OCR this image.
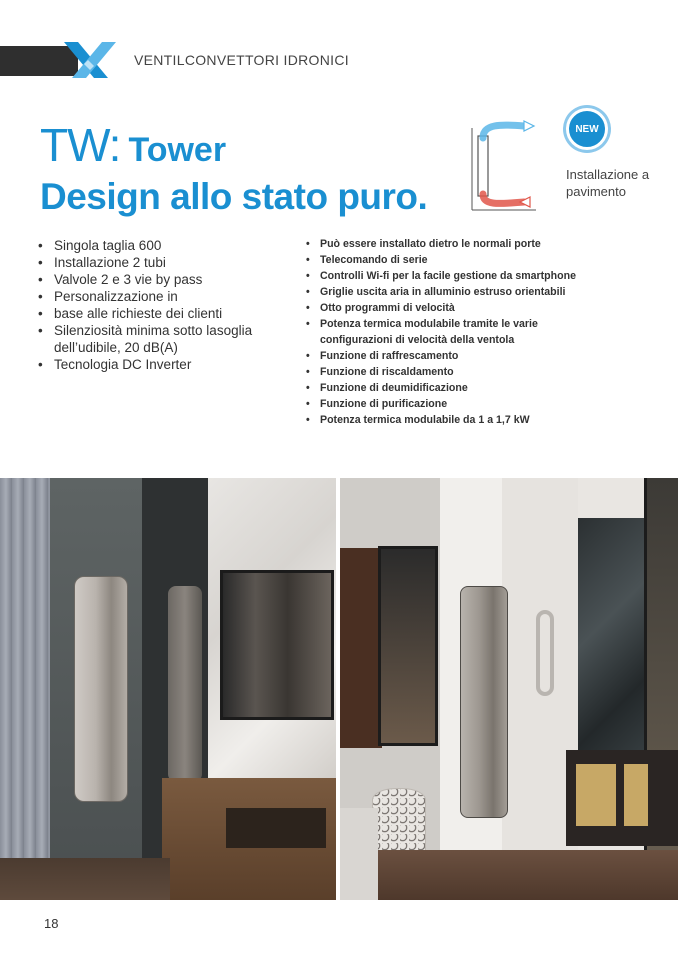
VENTILCONVETTORI IDRONICI
TW: Tower
Design allo stato puro.
NEW
Installazione a pavimento
• Singola taglia 600
• Installazione 2 tubi
• Valvole 2 e 3 vie by pass
• Personalizzazione in
• base alle richieste dei clienti
• Silenziosità minima sotto lasoglia dell’udibile, 20 dB(A)
• Tecnologia DC Inverter
• Può essere installato dietro le normali porte
• Telecomando di serie
• Controlli Wi-fi per la facile gestione da smartphone
• Griglie uscita aria in alluminio estruso orientabili
• Otto programmi di velocità
• Potenza termica modulabile tramite le varie configurazioni di velocità della ventola
• Funzione di raffrescamento
• Funzione di riscaldamento
• Funzione di deumidificazione
• Funzione di purificazione
• Potenza termica modulabile da 1 a 1,7 kW
18
